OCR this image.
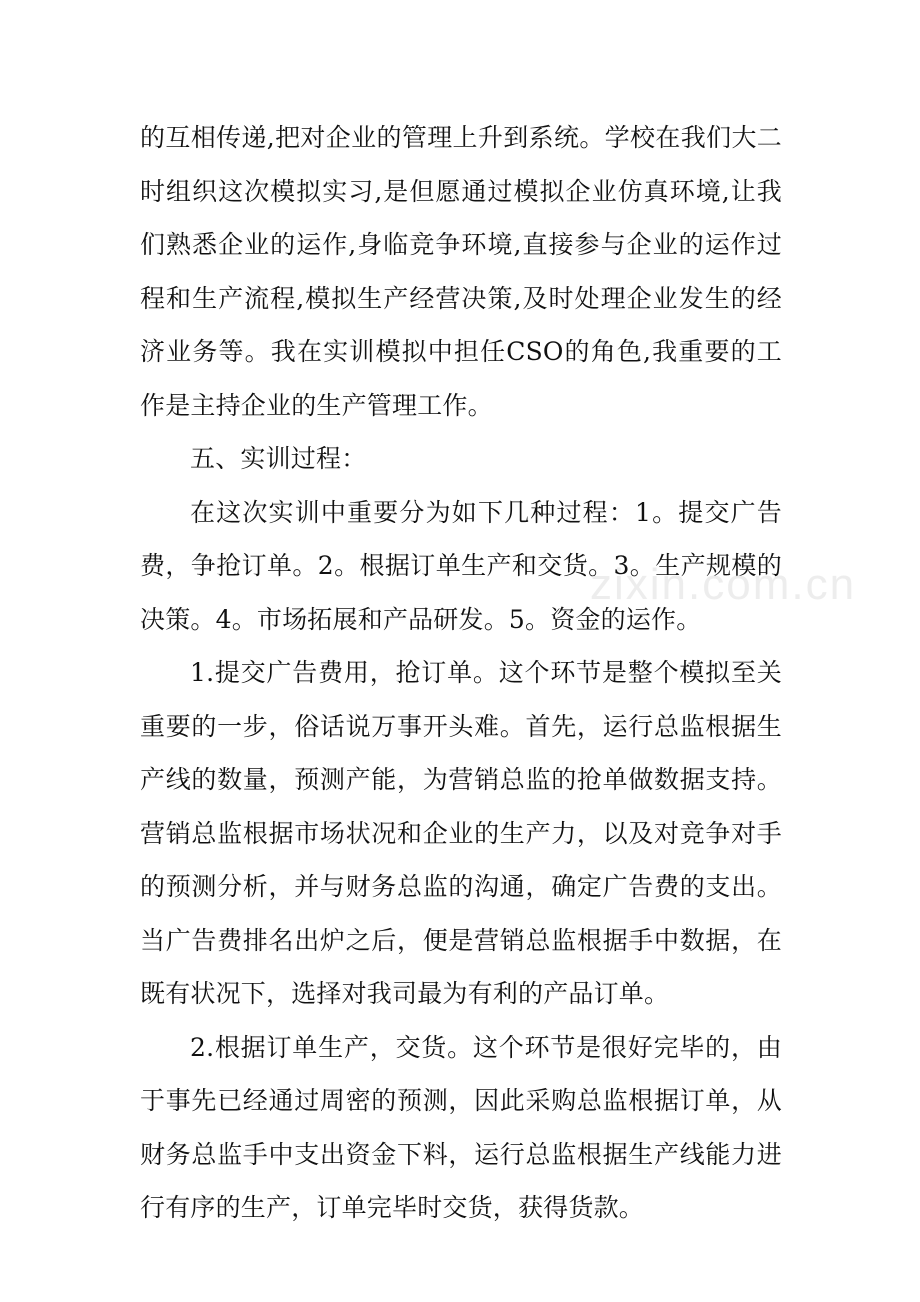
的互相传递,把对企业的管理上升到系统。学校在我们大二时组织这次模拟实习,是但愿通过模拟企业仿真环境,让我们熟悉企业的运作,身临竞争环境,直接参与企业的运作过程和生产流程,模拟生产经营决策,及时处理企业发生的经济业务等。我在实训模拟中担任CSO的角色,我重要的工作是主持企业的生产管理工作。

五、实训过程：

在这次实训中重要分为如下几种过程：1。提交广告费，争抢订单。2。根据订单生产和交货。3。生产规模的决策。4。市场拓展和产品研发。5。资金的运作。

1.提交广告费用，抢订单。这个环节是整个模拟至关重要的一步，俗话说万事开头难。首先，运行总监根据生产线的数量，预测产能，为营销总监的抢单做数据支持。营销总监根据市场状况和企业的生产力，以及对竞争对手的预测分析，并与财务总监的沟通，确定广告费的支出。当广告费排名出炉之后，便是营销总监根据手中数据，在既有状况下，选择对我司最为有利的产品订单。

2.根据订单生产，交货。这个环节是很好完毕的，由于事先已经通过周密的预测，因此采购总监根据订单，从财务总监手中支出资金下料，运行总监根据生产线能力进行有序的生产，订单完毕时交货，获得货款。

zixin.com.cn
